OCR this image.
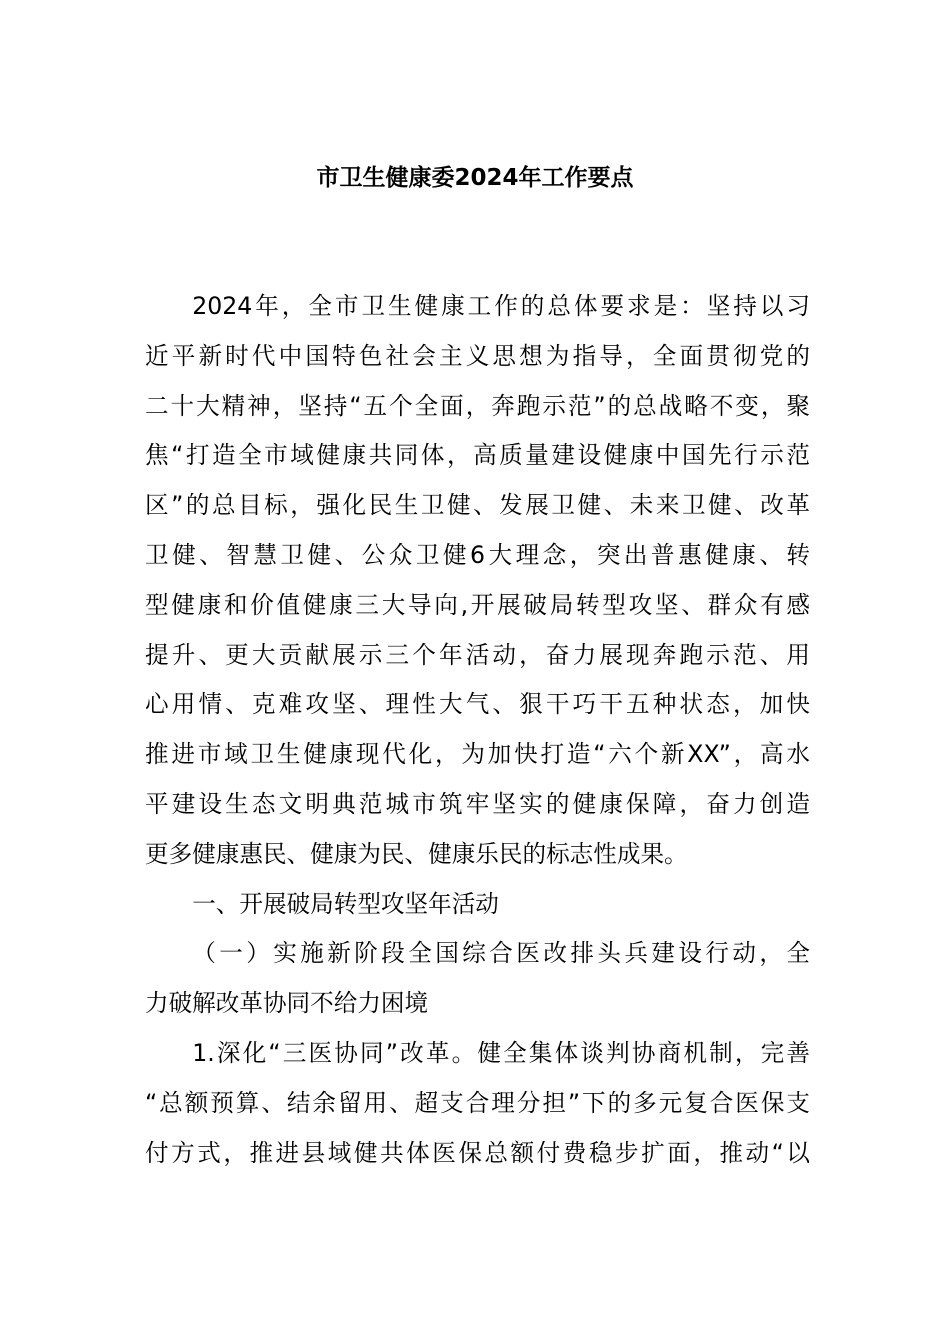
市卫生健康委2024年工作要点

2024年，全市卫生健康工作的总体要求是：坚持以习
近平新时代中国特色社会主义思想为指导，全面贯彻党的
二十大精神，坚持“五个全面，奔跑示范”的总战略不变，聚
焦“打造全市域健康共同体，高质量建设健康中国先行示范
区”的总目标，强化民生卫健、发展卫健、未来卫健、改革
卫健、智慧卫健、公众卫健6大理念，突出普惠健康、转
型健康和价值健康三大导向,开展破局转型攻坚、群众有感
提升、更大贡献展示三个年活动，奋力展现奔跑示范、用
心用情、克难攻坚、理性大气、狠干巧干五种状态，加快
推进市域卫生健康现代化，为加快打造“六个新XX”，高水
平建设生态文明典范城市筑牢坚实的健康保障，奋力创造
更多健康惠民、健康为民、健康乐民的标志性成果。

一、开展破局转型攻坚年活动

（一）实施新阶段全国综合医改排头兵建设行动，全
力破解改革协同不给力困境

1.深化“三医协同”改革。健全集体谈判协商机制，完善
“总额预算、结余留用、超支合理分担”下的多元复合医保支
付方式，推进县域健共体医保总额付费稳步扩面，推动“以
